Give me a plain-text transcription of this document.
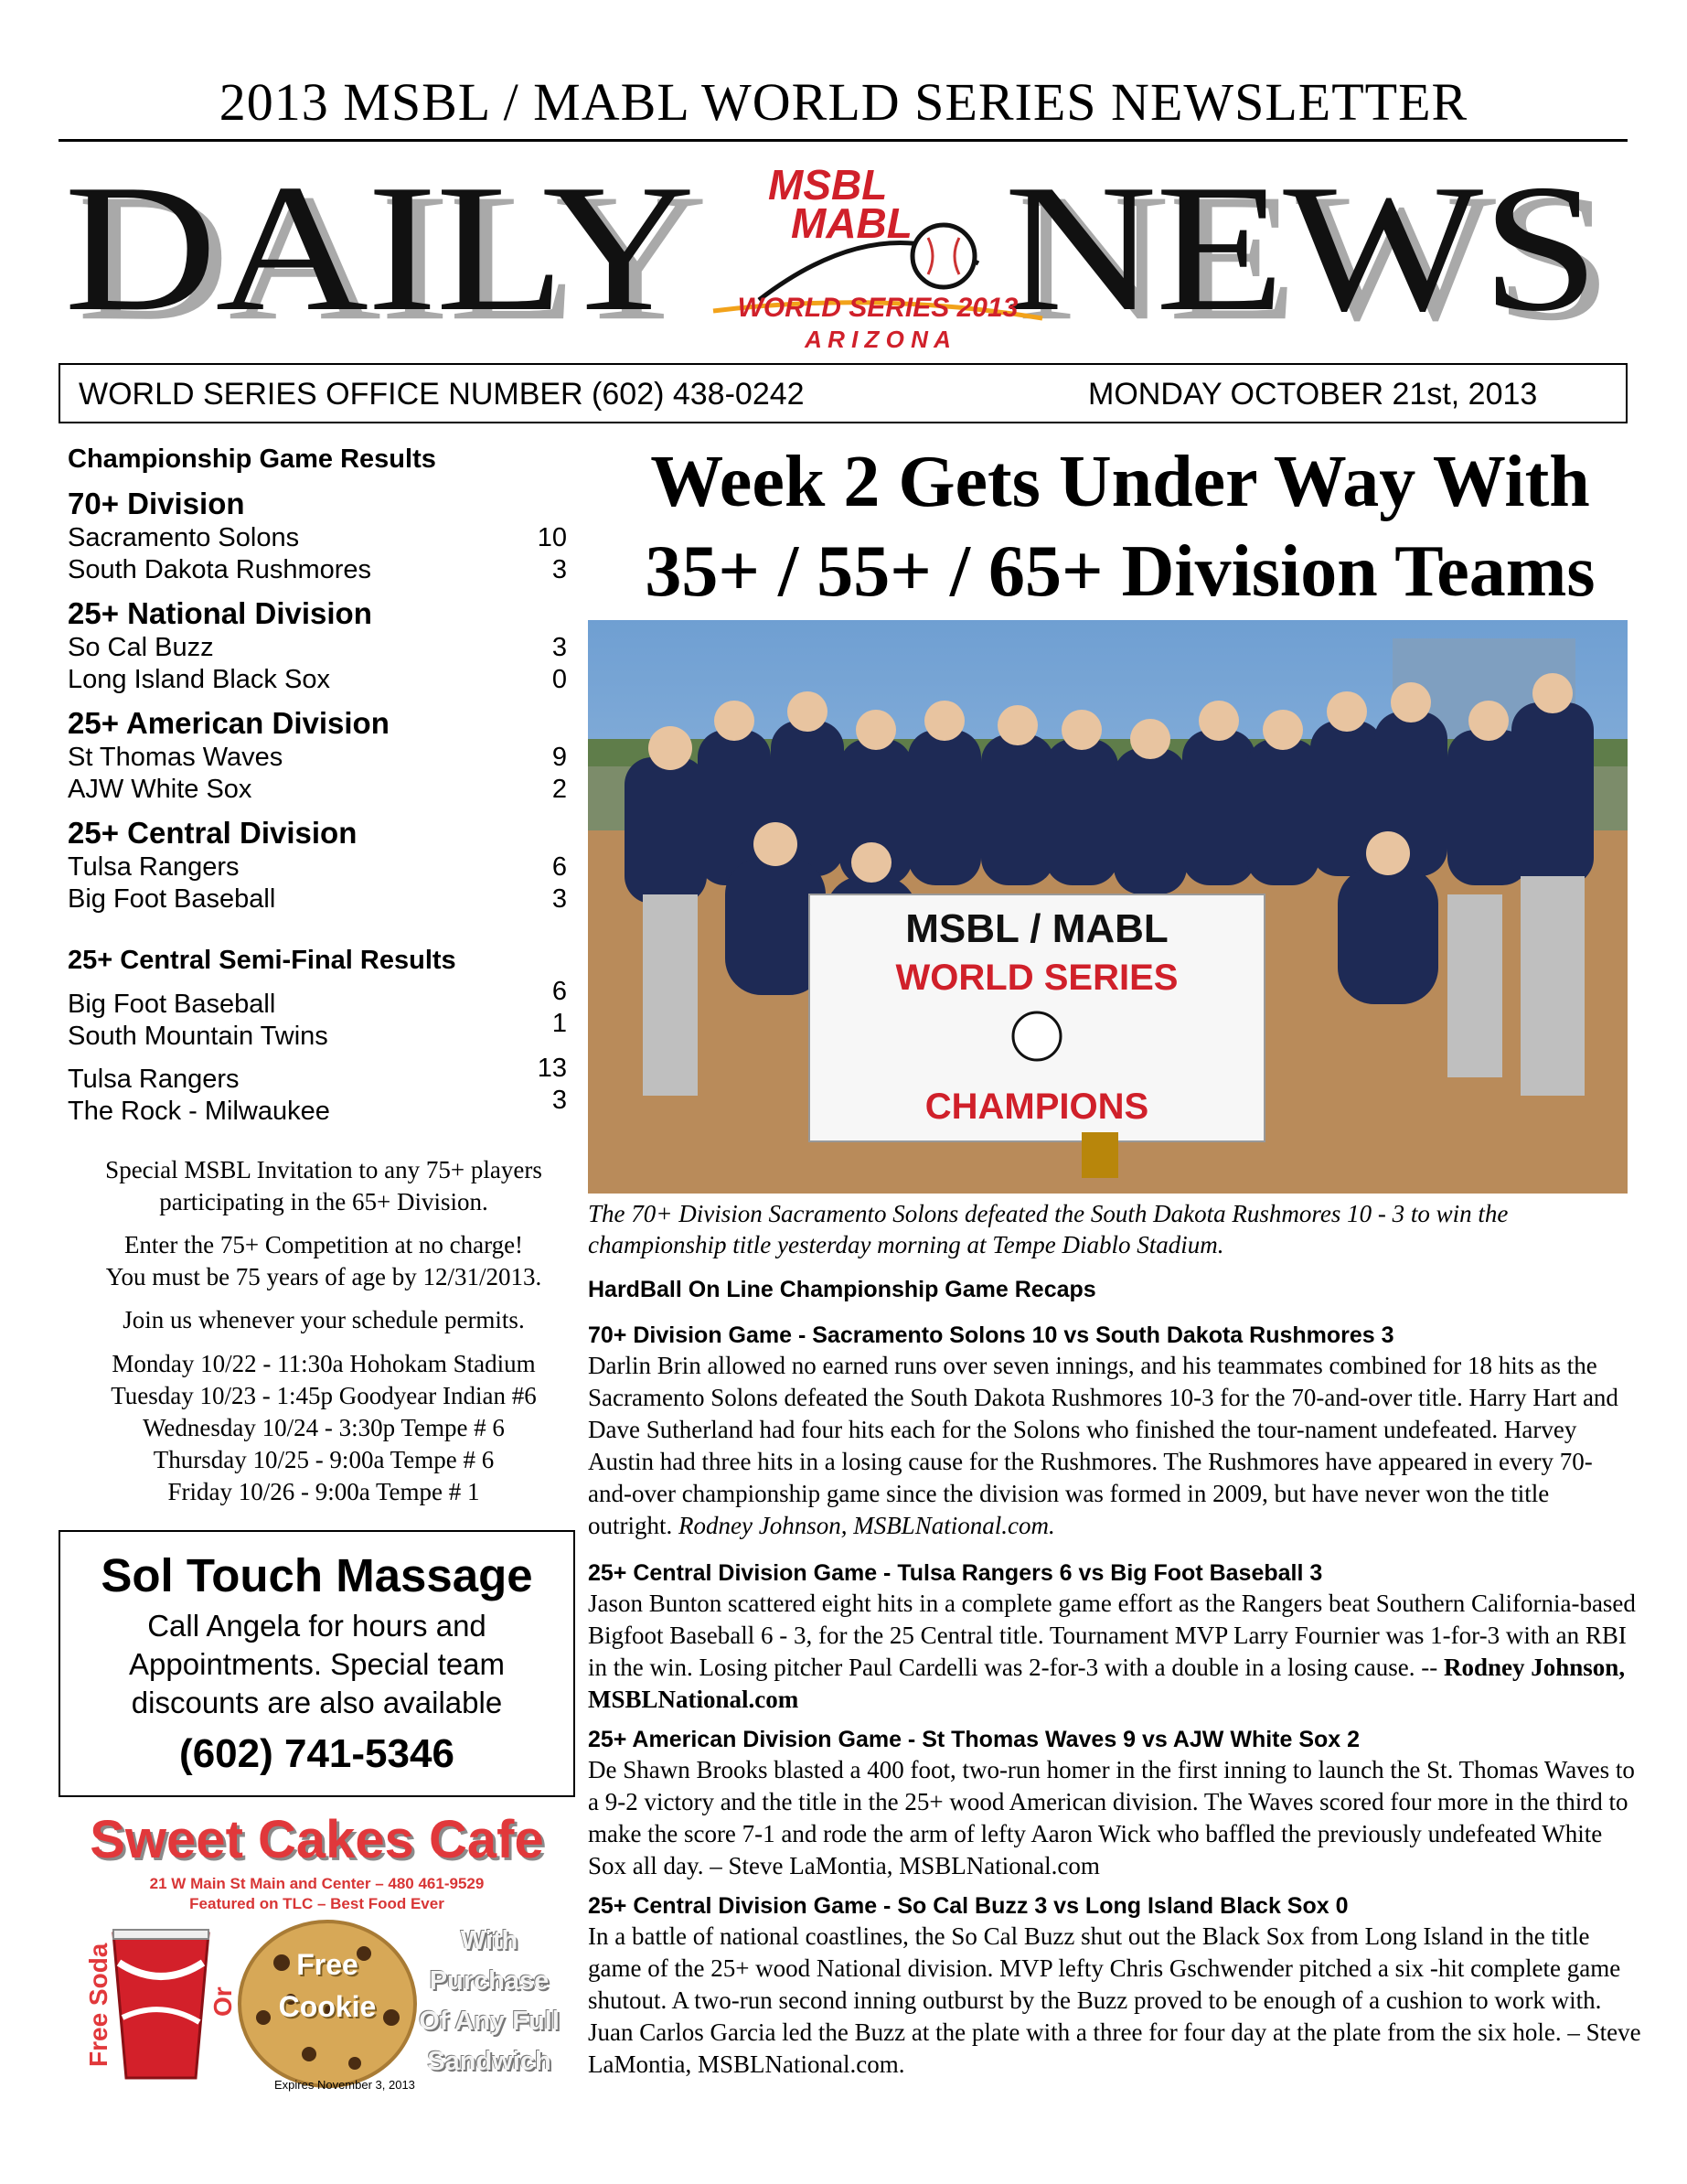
2013 MSBL / MABL WORLD SERIES NEWSLETTER
DAILY NEWS
MSBL
MABL
WORLD SERIES 2013
A R I Z O N A
WORLD SERIES OFFICE NUMBER (602) 438-0242	MONDAY OCTOBER 21st, 2013
Championship Game Results
70+ Division
Sacramento Solons	10
South Dakota Rushmores	3
25+ National Division
So Cal Buzz	3
Long Island Black Sox	0
25+ American Division
St Thomas Waves	9
AJW White Sox	2
25+ Central Division
Tulsa Rangers	6
Big Foot Baseball	3
25+ Central Semi-Final Results
Big Foot Baseball	6
South Mountain Twins	1
Tulsa Rangers	13
The Rock - Milwaukee	3
Special MSBL Invitation to any 75+ players
participating in the 65+ Division.
Enter the 75+ Competition at no charge!
You must be 75 years of age by 12/31/2013.
Join us whenever your schedule permits.
Monday 10/22 - 11:30a Hohokam Stadium
Tuesday 10/23 - 1:45p Goodyear Indian #6
Wednesday 10/24 - 3:30p Tempe # 6
Thursday 10/25 - 9:00a Tempe # 6
Friday 10/26 - 9:00a Tempe # 1
Sol Touch Massage
Call Angela for hours and
Appointments. Special team
discounts are also available
(602) 741-5346
Sweet Cakes Cafe
21 W Main St Main and Center – 480 461-9529
Featured on TLC – Best Food Ever
Free Soda	Or
Free
Cookie
With
Purchase
Of Any Full
Sandwich
Expires November 3, 2013
Week 2 Gets Under Way With
35+ / 55+ / 65+ Division Teams
MSBL / MABL
WORLD SERIES
CHAMPIONS
The 70+ Division Sacramento Solons defeated the South Dakota Rushmores 10 - 3 to win the championship title yesterday morning at Tempe Diablo Stadium.
HardBall On Line Championship Game Recaps
70+ Division Game - Sacramento Solons 10 vs South Dakota Rushmores 3
Darlin Brin allowed no earned runs over seven innings, and his teammates combined for 18 hits as the Sacramento Solons defeated the South Dakota Rushmores 10-3 for the 70-and-over title. Harry Hart and Dave Sutherland had four hits each for the Solons who finished the tour-nament undefeated. Harvey Austin had three hits in a losing cause for the Rushmores. The Rushmores have appeared in every 70-and-over championship game since the division was formed in 2009, but have never won the title outright. Rodney Johnson, MSBLNational.com.
25+ Central Division Game - Tulsa Rangers 6 vs Big Foot Baseball 3
Jason Bunton scattered eight hits in a complete game effort as the Rangers beat Southern California-based Bigfoot Baseball 6 - 3, for the 25 Central title. Tournament MVP Larry Fournier was 1-for-3 with an RBI in the win. Losing pitcher Paul Cardelli was 2-for-3 with a double in a losing cause. -- Rodney Johnson, MSBLNational.com
25+ American Division Game - St Thomas Waves 9 vs AJW White Sox 2
De Shawn Brooks blasted a 400 foot, two-run homer in the first inning to launch the St. Thomas Waves to a 9-2 victory and the title in the 25+ wood American division. The Waves scored four more in the third to make the score 7-1 and rode the arm of lefty Aaron Wick who baffled the previously undefeated White Sox all day. – Steve LaMontia, MSBLNational.com
25+ Central Division Game - So Cal Buzz 3 vs Long Island Black Sox 0
In a battle of national coastlines, the So Cal Buzz shut out the Black Sox from Long Island in the title game of the 25+ wood National division. MVP lefty Chris Gschwender pitched a six -hit complete game shutout. A two-run second inning outburst by the Buzz proved to be enough of a cushion to work with. Juan Carlos Garcia led the Buzz at the plate with a three for four day at the plate from the six hole. – Steve LaMontia, MSBLNational.com.
